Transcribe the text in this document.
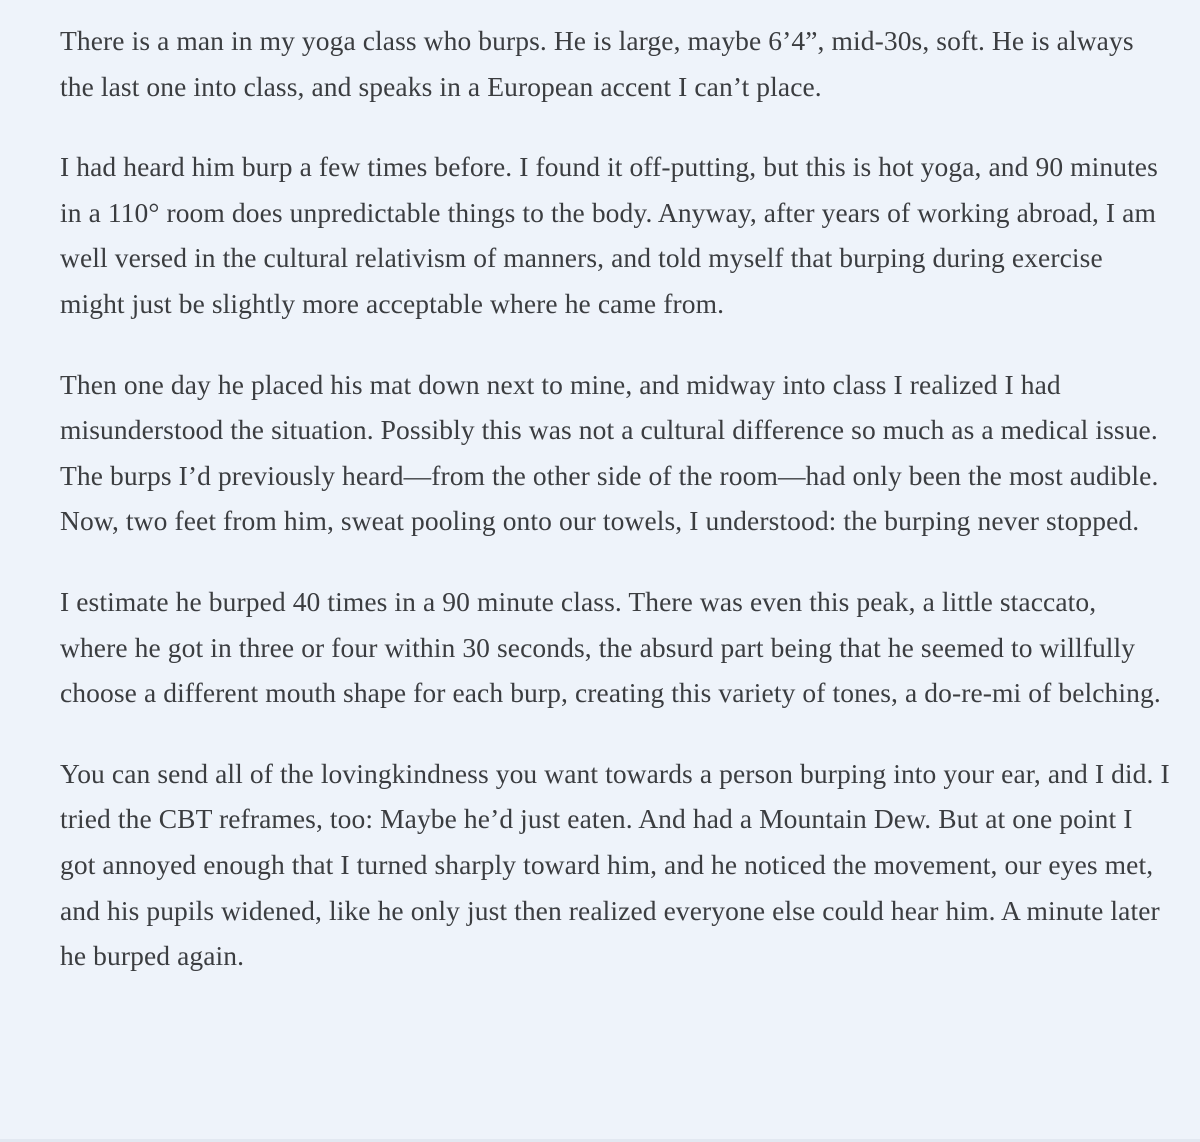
There is a man in my yoga class who burps. He is large, maybe 6’4”, mid-30s, soft. He is always the last one into class, and speaks in a European accent I can’t place.

I had heard him burp a few times before. I found it off-putting, but this is hot yoga, and 90 minutes in a 110° room does unpredictable things to the body. Anyway, after years of working abroad, I am well versed in the cultural relativism of manners, and told myself that burping during exercise might just be slightly more acceptable where he came from.

Then one day he placed his mat down next to mine, and midway into class I realized I had misunderstood the situation. Possibly this was not a cultural difference so much as a medical issue. The burps I’d previously heard—from the other side of the room—had only been the most audible. Now, two feet from him, sweat pooling onto our towels, I understood: the burping never stopped.

I estimate he burped 40 times in a 90 minute class. There was even this peak, a little staccato, where he got in three or four within 30 seconds, the absurd part being that he seemed to willfully choose a different mouth shape for each burp, creating this variety of tones, a do-re-mi of belching.

You can send all of the lovingkindness you want towards a person burping into your ear, and I did. I tried the CBT reframes, too: Maybe he’d just eaten. And had a Mountain Dew. But at one point I got annoyed enough that I turned sharply toward him, and he noticed the movement, our eyes met, and his pupils widened, like he only just then realized everyone else could hear him. A minute later he burped again.
